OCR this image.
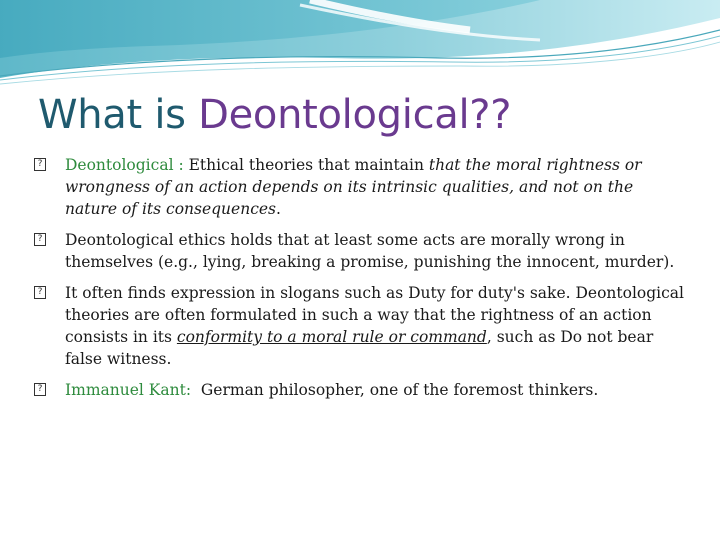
What is Deontological??
? Deontological : Ethical theories that maintain that the moral rightness or wrongness of an action depends on its intrinsic qualities, and not on the nature of its consequences.
? Deontological ethics holds that at least some acts are morally wrong in themselves (e.g., lying, breaking a promise, punishing the innocent, murder).
? It often finds expression in slogans such as Duty for duty's sake. Deontological theories are often formulated in such a way that the rightness of an action consists in its conformity to a moral rule or command, such as Do not bear false witness.
? Immanuel Kant:  German philosopher, one of the foremost thinkers.
